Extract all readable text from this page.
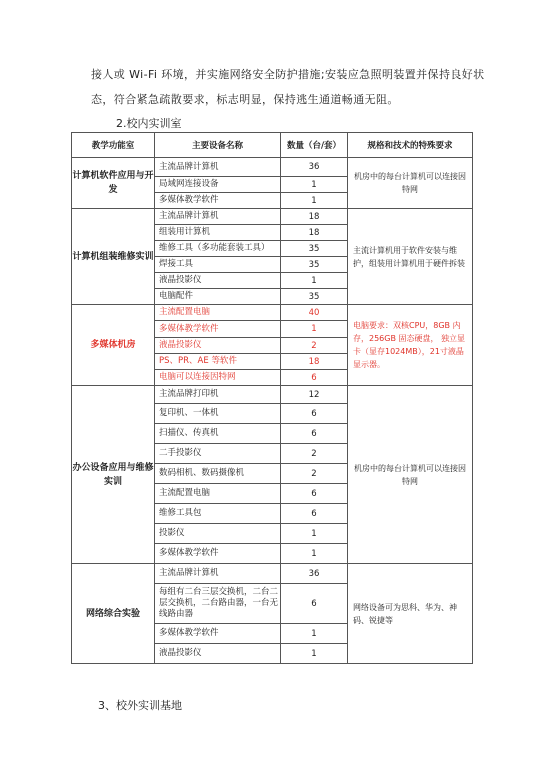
接人或 Wi-Fi 环境，并实施网络安全防护措施;安装应急照明装置并保持良好状
态，符合紧急疏散要求，标志明显，保持逃生通道畅通无阻。
2.校内实训室
教学功能室	主要设备名称	数量（台/套）	规格和技术的特殊要求
计算机软件应用与开发	主流品牌计算机	36	机房中的每台计算机可以连接因特网
	局域网连接设备	1	
	多媒体教学软件	1	
计算机组装维修实训	主流品牌计算机	18	主流计算机用于软件安装与维护，组装用计算机用于硬件拆装
	组装用计算机	18	
	维修工具（多功能套装工具）	35	
	焊接工具	35	
	液晶投影仪	1	
	电脑配件	35	
多媒体机房	主流配置电脑	40	电脑要求：双核CPU，8GB 内存，256GB 固态硬盘， 独立显卡（显存1024MB），21寸液晶显示器。
	多媒体教学软件	1	
	液晶投影仪	2	
	PS、PR、AE 等软件	18	
	电脑可以连接因特网	6	
办公设备应用与维修实训	主流品牌打印机	12	机房中的每台计算机可以连接因特网
	复印机、一体机	6	
	扫描仪、传真机	6	
	二手投影仪	2	
	数码相机、数码摄像机	2	
	主流配置电脑	6	
	维修工具包	6	
	投影仪	1	
	多媒体教学软件	1	
网络综合实验	主流品牌计算机	36	网络设备可为思科、华为、神码、锐捷等
	每组有二台三层交换机，二台二层交换机，二台路由器，一台无线路由器	6	
	多媒体教学软件	1	
	液晶投影仪	1	
3、校外实训基地
